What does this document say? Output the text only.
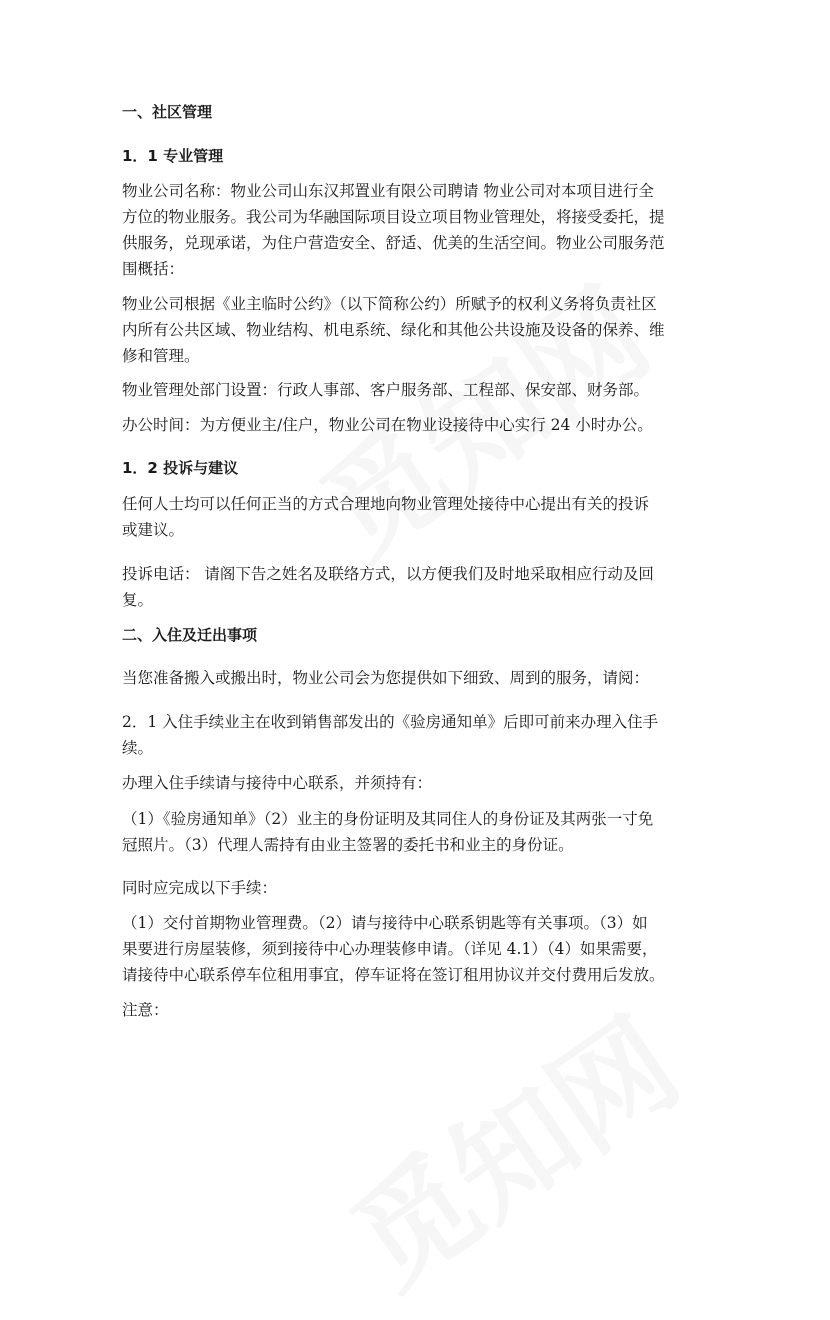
一、社区管理
1．1 专业管理
物业公司名称：物业公司山东汉邦置业有限公司聘请 物业公司对本项目进行全
方位的物业服务。我公司为华融国际项目设立项目物业管理处，将接受委托，提
供服务，兑现承诺，为住户营造安全、舒适、优美的生活空间。物业公司服务范
围概括：
物业公司根据《业主临时公约》（以下简称公约）所赋予的权利义务将负责社区
内所有公共区域、物业结构、机电系统、绿化和其他公共设施及设备的保养、维
修和管理。
物业管理处部门设置：行政人事部、客户服务部、工程部、保安部、财务部。
办公时间：为方便业主/住户，物业公司在物业设接待中心实行 24 小时办公。
1．2 投诉与建议
任何人士均可以任何正当的方式合理地向物业管理处接待中心提出有关的投诉
或建议。
投诉电话： 请阁下告之姓名及联络方式，以方便我们及时地采取相应行动及回
复。
二、入住及迁出事项
当您准备搬入或搬出时，物业公司会为您提供如下细致、周到的服务，请阅：
2．1 入住手续业主在收到销售部发出的《验房通知单》后即可前来办理入住手
续。
办理入住手续请与接待中心联系，并须持有：
（1）《验房通知单》（2）业主的身份证明及其同住人的身份证及其两张一寸免
冠照片。（3）代理人需持有由业主签署的委托书和业主的身份证。
同时应完成以下手续：
（1）交付首期物业管理费。（2）请与接待中心联系钥匙等有关事项。（3）如
果要进行房屋装修，须到接待中心办理装修申请。（详见 4.1）（4）如果需要，
请接待中心联系停车位租用事宜，停车证将在签订租用协议并交付费用后发放。
注意：
